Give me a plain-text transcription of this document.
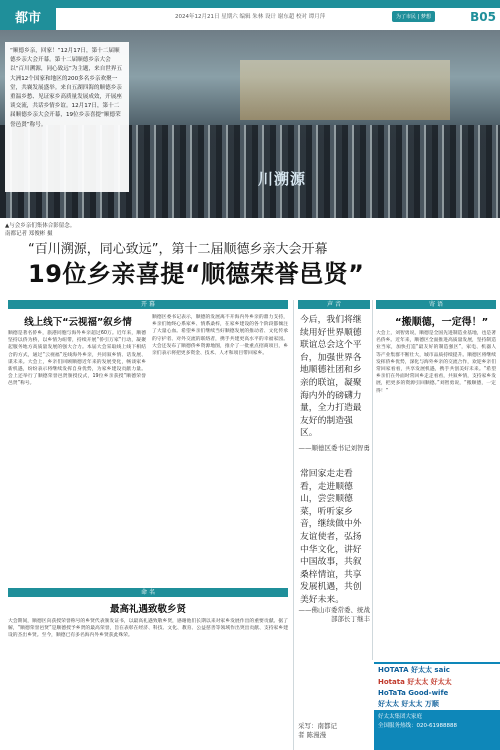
都市	2024年12月21日 星期六 编辑 朱林 设计 谢东超 校对 谭月萍	为了市民 | 梦想	B05
川溯源
“顺德乡亲，回家！”12月17日，第十二届顺德乡亲大会开幕。第十二届顺德乡亲大会以“百川溯源，同心致远”为主题，来自世界五大洲12个国家和地区的200多名乡亲欢聚一堂，共襄发展盛举。来自五湖四海的顺德乡亲重温乡愁、见证家乡高质量发展成效，开展座谈交流，共话乡情乡谊。12月17日，第十二届顺德乡亲大会开幕，19位乡亲喜提“顺德荣誉邑贤”称号。
▲与会乡亲们集体合影留念。
南都记者 郑俊彬 摄
“百川溯源，同心致远”，第十二届顺德乡亲大会开幕
19位乡亲喜提“顺德荣誉邑贤”
开 幕
线上线下“云视福”叙乡情
顺德是著名侨乡，旅港同胞与海外乡亲超过60万。近年来，顺德坚持以侨为桥，以乡情为纽带，持续开展“侨引万家”行动，凝聚起服务地方高质量发展的强大合力。本届大会采取线上线下相结合的方式，通过“云视福”连线海外乡亲，共同叙乡情、话发展、谋未来。大会上，乡亲们回顾顺德近年来的发展变化，畅谈家乡新机遇，纷纷表示将继续发挥自身优势，为家乡建设贡献力量。会上还举行了顺德荣誉邑贤颁授仪式，19位乡亲获授“顺德荣誉邑贤”称号。
顺德区委书记表示，顺德的发展离不开海内外乡亲的鼎力支持，乡亲们始终心系家乡、情系桑梓，在家乡建设的各个阶段都倾注了大量心血。希望乡亲们继续当好顺德发展的推动者、文化传承的守护者、对外交流的联络者，携手共建更高水平的幸福家园。大会还发布了顺德侨乡资源地图，推介了一批重点招商项目，乡亲们表示将把更多资金、技术、人才和项目带回家乡。
命 名
最高礼遇致敬乡贤
大会期间，顺德区向获授荣誉称号的乡贤代表颁发证书，以最高礼遇致敬乡贤，感谢他们长期以来对家乡发展作出的重要贡献。据了解，“顺德荣誉邑贤”是顺德授予乡贤的最高荣誉，旨在表彰在经济、科技、文化、教育、公益慈善等领域作出突出贡献、支持家乡建设的杰出乡贤。至今，顺德已有多名海内外乡贤获此殊荣。
声 音
今后，我们将继续用好世界顺德联谊总会这个平台，加强世界各地顺德社团和乡亲的联谊，凝聚海内外的磅礴力量，全力打造最友好的制造强区。
——顺德区委书记刘智勇
常回家走走看看，走进顺德山，尝尝顺德菜，听听家乡音，继续做中外友谊使者，弘扬中华文化，讲好中国故事，共叙桑梓情谊，共享发展机遇，共创美好未来。
——佛山市委常委、统战部部长丁继丰
采写：南都记者 陈漫漫
寄 语
“搬顺德，一定得！”
大会上，刘智勇说，顺德是全国先进制造业基地，也是著名侨乡。近年来，顺德区全面推进高质量发展，坚持制造业当家，加快打造“最友好的制造强区”，家电、机器人等产业集群不断壮大，城市品质持续提升。顺德区将继续发挥侨乡优势，深化与海外乡亲的交流合作，欢迎乡亲们常回家看看，共享发展机遇，携手共创美好未来。“希望乡亲们在外面时常回乡走走看看，共叙乡情，支持家乡发展，把更多的资源引回顺德。”刘智勇说，“搬顺德，一定得！”
HOTATA 好太太 saic
Hotata 好太太 好太太
HoTaTa Good-wife
好太太 好太太 万顺
好太太集团大家庭
全国服务热线：020-61988888
